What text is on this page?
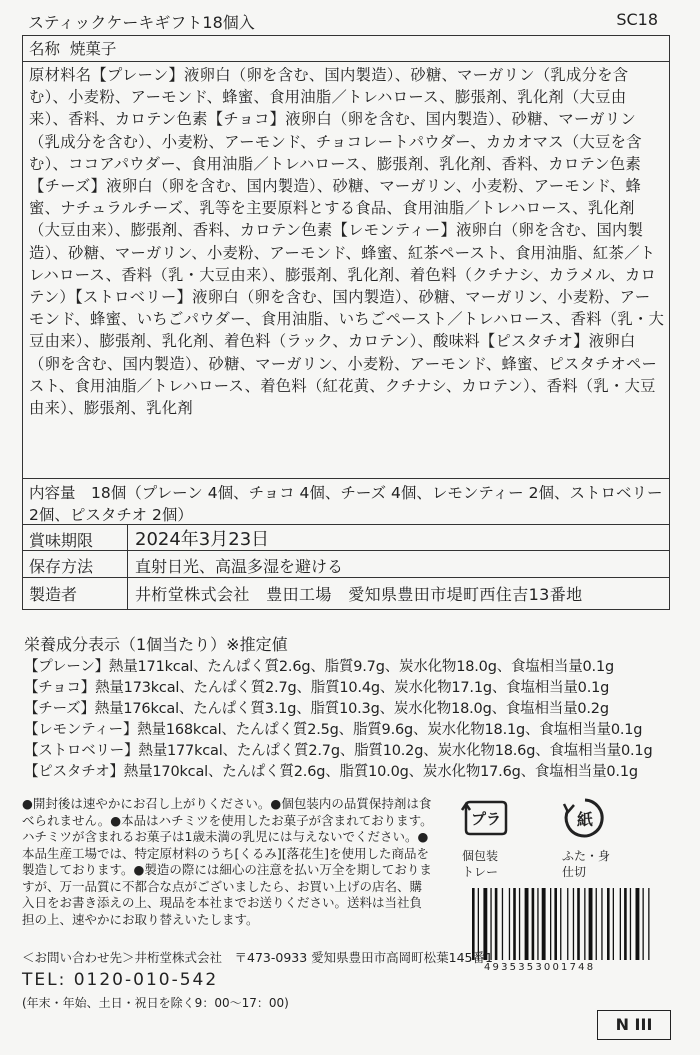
スティックケーキギフト18個入	SC18
名称 焼菓子
原材料名【プレーン】液卵白（卵を含む、国内製造）、砂糖、マーガリン（乳成分を含む）、小麦粉、アーモンド、蜂蜜、食用油脂／トレハロース、膨張剤、乳化剤（大豆由来）、香料、カロテン色素【チョコ】液卵白（卵を含む、国内製造）、砂糖、マーガリン（乳成分を含む）、小麦粉、アーモンド、チョコレートパウダー、カカオマス（大豆を含む）、ココアパウダー、食用油脂／トレハロース、膨張剤、乳化剤、香料、カロテン色素【チーズ】液卵白（卵を含む、国内製造）、砂糖、マーガリン、小麦粉、アーモンド、蜂蜜、ナチュラルチーズ、乳等を主要原料とする食品、食用油脂／トレハロース、乳化剤（大豆由来）、膨張剤、香料、カロテン色素【レモンティー】液卵白（卵を含む、国内製造）、砂糖、マーガリン、小麦粉、アーモンド、蜂蜜、紅茶ペースト、食用油脂、紅茶／トレハロース、香料（乳・大豆由来）、膨張剤、乳化剤、着色料（クチナシ、カラメル、カロテン）【ストロベリー】液卵白（卵を含む、国内製造）、砂糖、マーガリン、小麦粉、アーモンド、蜂蜜、いちごパウダー、食用油脂、いちごペースト／トレハロース、香料（乳・大豆由来）、膨張剤、乳化剤、着色料（ラック、カロテン）、酸味料【ピスタチオ】液卵白（卵を含む、国内製造）、砂糖、マーガリン、小麦粉、アーモンド、蜂蜜、ピスタチオペースト、食用油脂／トレハロース、着色料（紅花黄、クチナシ、カロテン）、香料（乳・大豆由来）、膨張剤、乳化剤
内容量　18個（プレーン 4個、チョコ 4個、チーズ 4個、レモンティー 2個、ストロベリー 2個、ピスタチオ 2個）
賞味期限 2024年3月23日
保存方法	直射日光、高温多湿を避ける
製造者	井桁堂株式会社　豊田工場　愛知県豊田市堤町西住吉13番地
栄養成分表示（1個当たり）※推定値
【プレーン】熱量171kcal、たんぱく質2.6g、脂質9.7g、炭水化物18.0g、食塩相当量0.1g
【チョコ】熱量173kcal、たんぱく質2.7g、脂質10.4g、炭水化物17.1g、食塩相当量0.1g
【チーズ】熱量176kcal、たんぱく質3.1g、脂質10.3g、炭水化物18.0g、食塩相当量0.2g
【レモンティー】熱量168kcal、たんぱく質2.5g、脂質9.6g、炭水化物18.1g、食塩相当量0.1g
【ストロベリー】熱量177kcal、たんぱく質2.7g、脂質10.2g、炭水化物18.6g、食塩相当量0.1g
【ピスタチオ】熱量170kcal、たんぱく質2.6g、脂質10.0g、炭水化物17.6g、食塩相当量0.1g
●開封後は速やかにお召し上がりください。●個包装内の品質保持剤は食べられません。●本品はハチミツを使用したお菓子が含まれております。ハチミツが含まれるお菓子は1歳未満の乳児には与えないでください。●本品生産工場では、特定原材料のうち[くるみ][落花生]を使用した商品を製造しております。●製造の際には細心の注意を払い万全を期しておりますが、万一品質に不都合な点がございましたら、お買い上げの店名、購入日をお書き添えの上、現品を本社までお送りください。送料は当社負担の上、速やかにお取り替えいたします。
プラ
個包装
トレー
紙
ふた・身
仕切
4935353001748
＜お問い合わせ先＞井桁堂株式会社　〒473-0933 愛知県豊田市高岡町松葉145番1
TEL: 0120-010-542
(年末・年始、土日・祝日を除く9：00～17：00)
N III
